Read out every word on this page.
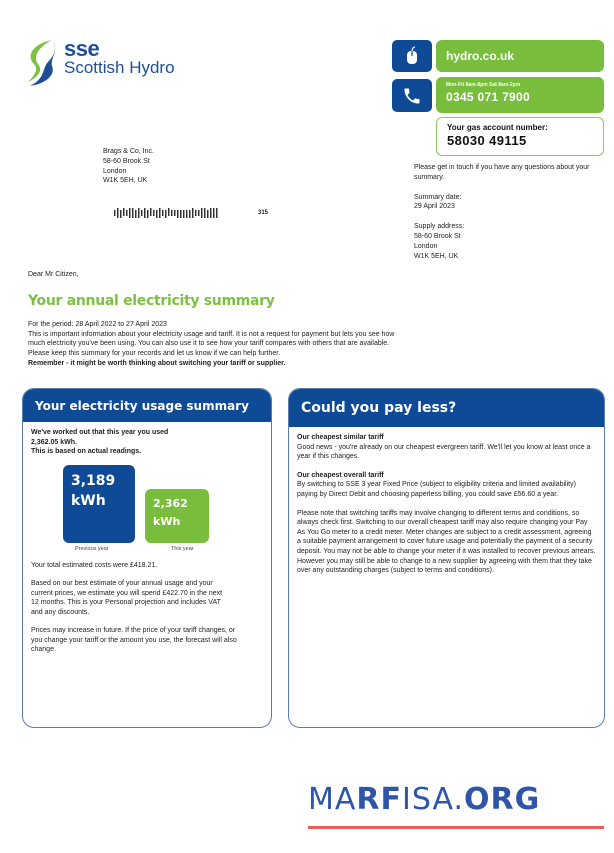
sse
Scottish Hydro
hydro.co.uk
Mon-Fri 8am-8pm Sat 8am-2pm
0345 071 7900
Your gas account number:
58030 49115
Brags & Co, Inc.
58-60 Brook St
London
W1K 5EH, UK
315
Please get in touch if you have any questions about your summary.
Summary date:
29 April 2023
Supply address:
58-60 Brook St
London
W1K 5EH, UK
Dear Mr Citizen,
Your annual electricity summary
For the period: 28 April 2022 to 27 April 2023
This is important information about your electricity usage and tariff. It is not a request for payment but lets you see how
much electricity you've been using. You can also use it to see how your tariff compares with others that are available.
Please keep this summary for your records and let us know if we can help further.
Remember - it might be worth thinking about switching your tariff or supplier.
Your electricity usage summary
We've worked out that this year you used
2,362.05 kWh.
This is based on actual readings.
3,189
kWh	2,362
kWh
Previous year	This year
Your total estimated costs were £418.21.
Based on our best estimate of your annual usage and your current prices, we estimate you will spend £422.70 in the next 12 months. This is your Personal projection and includes VAT and any discounts.
Prices may increase in future. If the price of your tariff changes, or you change your tariff or the amount you use, the forecast will also change.
Could you pay less?
Our cheapest similar tariff
Good news - you're already on our cheapest evergreen tariff. We'll let you know at least once a year if this changes.
Our cheapest overall tariff
By switching to SSE 3 year Fixed Price (subject to eligibility criteria and limited availability) paying by Direct Debit and choosing paperless billing, you could save £56.60 a year.
Please note that switching tariffs may involve changing to different terms and conditions, so always check first. Switching to our overall cheapest tariff may also require changing your Pay As You Go meter to a credit meter. Meter changes are subject to a credit assessment, agreeing a suitable payment arrangement to cover future usage and potentially the payment of a security deposit. You may not be able to change your meter if it was installed to recover previous arrears. However you may still be able to change to a new supplier by agreeing with them that they take over any outstanding charges (subject to terms and conditions).
MARFISA.ORG
